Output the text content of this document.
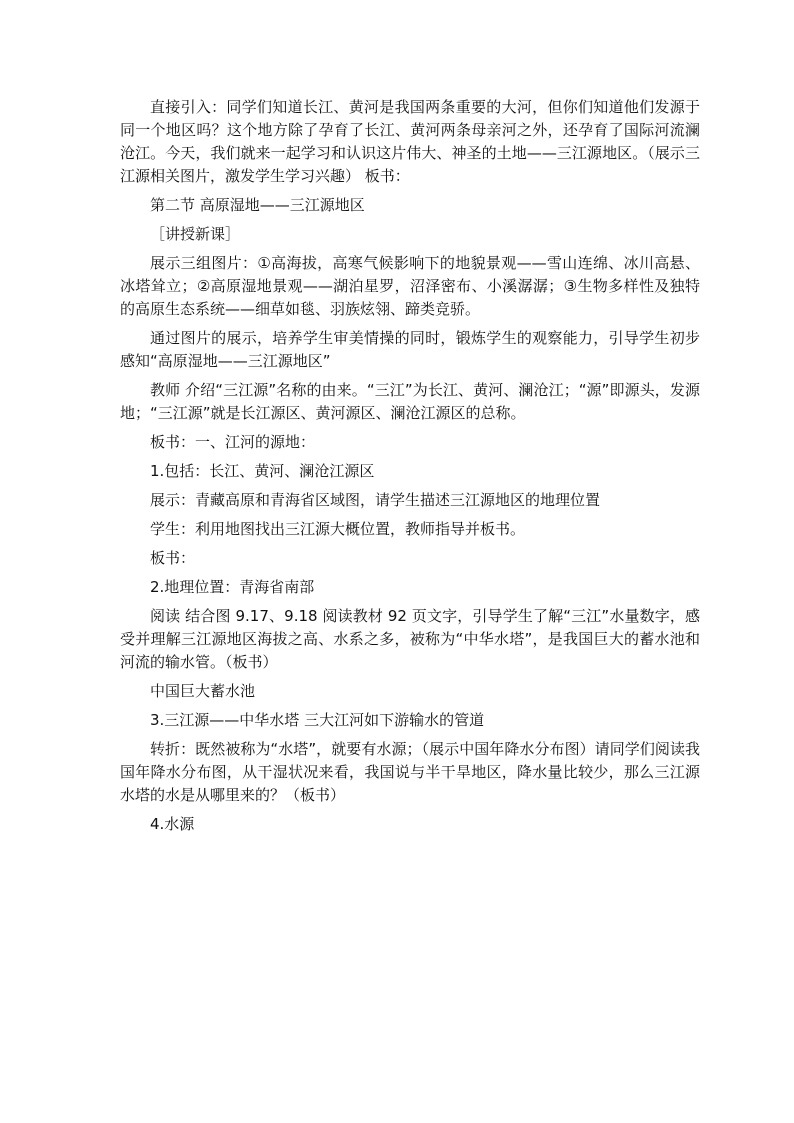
直接引入：同学们知道长江、黄河是我国两条重要的大河，但你们知道他们发源于同一个地区吗？这个地方除了孕育了长江、黄河两条母亲河之外，还孕育了国际河流澜沧江。今天，我们就来一起学习和认识这片伟大、神圣的土地——三江源地区。（展示三江源相关图片，激发学生学习兴趣） 板书：

第二节 高原湿地——三江源地区

［讲授新课］

展示三组图片：①高海拔，高寒气候影响下的地貌景观——雪山连绵、冰川高悬、冰塔耸立；②高原湿地景观——湖泊星罗，沼泽密布、小溪潺潺；③生物多样性及独特的高原生态系统——细草如毯、羽族炫翎、蹄类竞骄。

通过图片的展示，培养学生审美情操的同时，锻炼学生的观察能力，引导学生初步感知“高原湿地——三江源地区”

教师 介绍“三江源”名称的由来。“三江”为长江、黄河、澜沧江；“源”即源头，发源地；“三江源”就是长江源区、黄河源区、澜沧江源区的总称。

板书：一、江河的源地：

1.包括：长江、黄河、澜沧江源区

展示：青藏高原和青海省区域图，请学生描述三江源地区的地理位置

学生：利用地图找出三江源大概位置，教师指导并板书。

板书：

2.地理位置：青海省南部

阅读 结合图 9.17、9.18 阅读教材 92 页文字，引导学生了解“三江”水量数字，感受并理解三江源地区海拔之高、水系之多，被称为“中华水塔”，是我国巨大的蓄水池和河流的输水管。（板书）

中国巨大蓄水池

3.三江源——中华水塔 三大江河如下游输水的管道

转折：既然被称为“水塔”，就要有水源；（展示中国年降水分布图）请同学们阅读我国年降水分布图，从干湿状况来看，我国说与半干旱地区，降水量比较少，那么三江源水塔的水是从哪里来的？（板书）

4.水源
